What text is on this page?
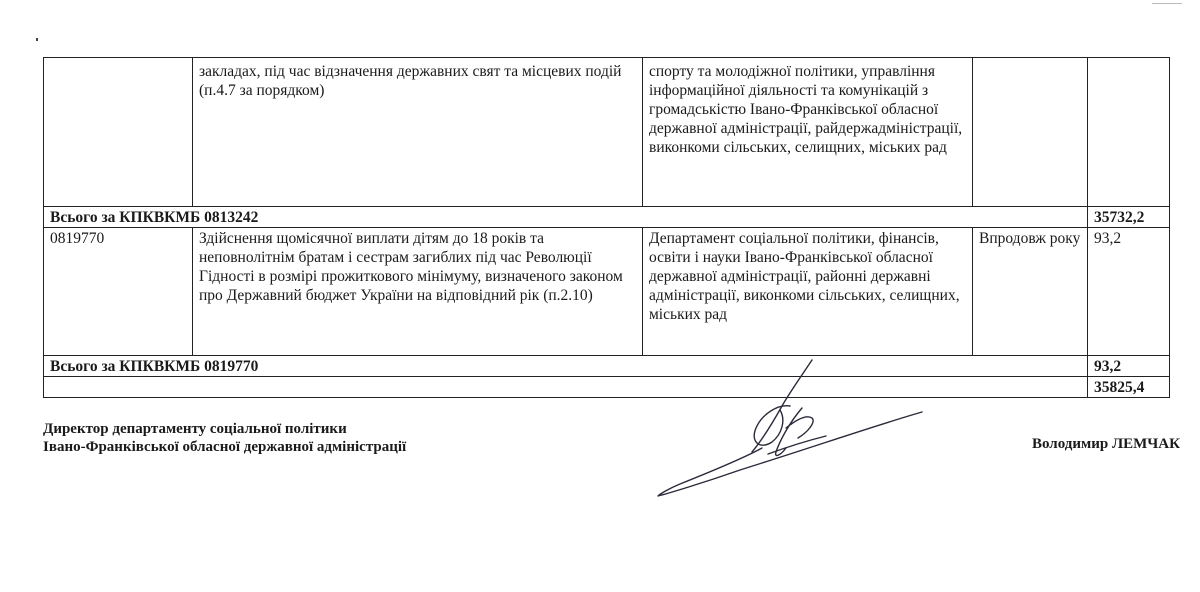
	закладах, під час відзначення державних свят та місцевих подій (п.4.7 за порядком)	спорту та молодіжної політики, управління інформаційної діяльності та комунікацій з громадськістю Івано-Франківської обласної державної адміністрації, райдержадміністрації, виконкоми сільських, селищних, міських рад		
Всього за КПКВКМБ 0813242				35732,2
0819770	Здійснення щомісячної виплати дітям до 18 років та неповнолітнім братам і сестрам загиблих під час Революції Гідності в розмірі прожиткового мінімуму, визначеного законом про Державний бюджет України на відповідний рік (п.2.10)	Департамент соціальної політики, фінансів, освіти і науки Івано-Франківської обласної державної адміністрації, районні державні адміністрації, виконкоми сільських, селищних, міських рад	Впродовж року	93,2
Всього за КПКВКМБ 0819770				93,2
				35825,4
Директор департаменту соціальної політики
Івано-Франківської обласної державної адміністрації	Володимир ЛЕМЧАК
